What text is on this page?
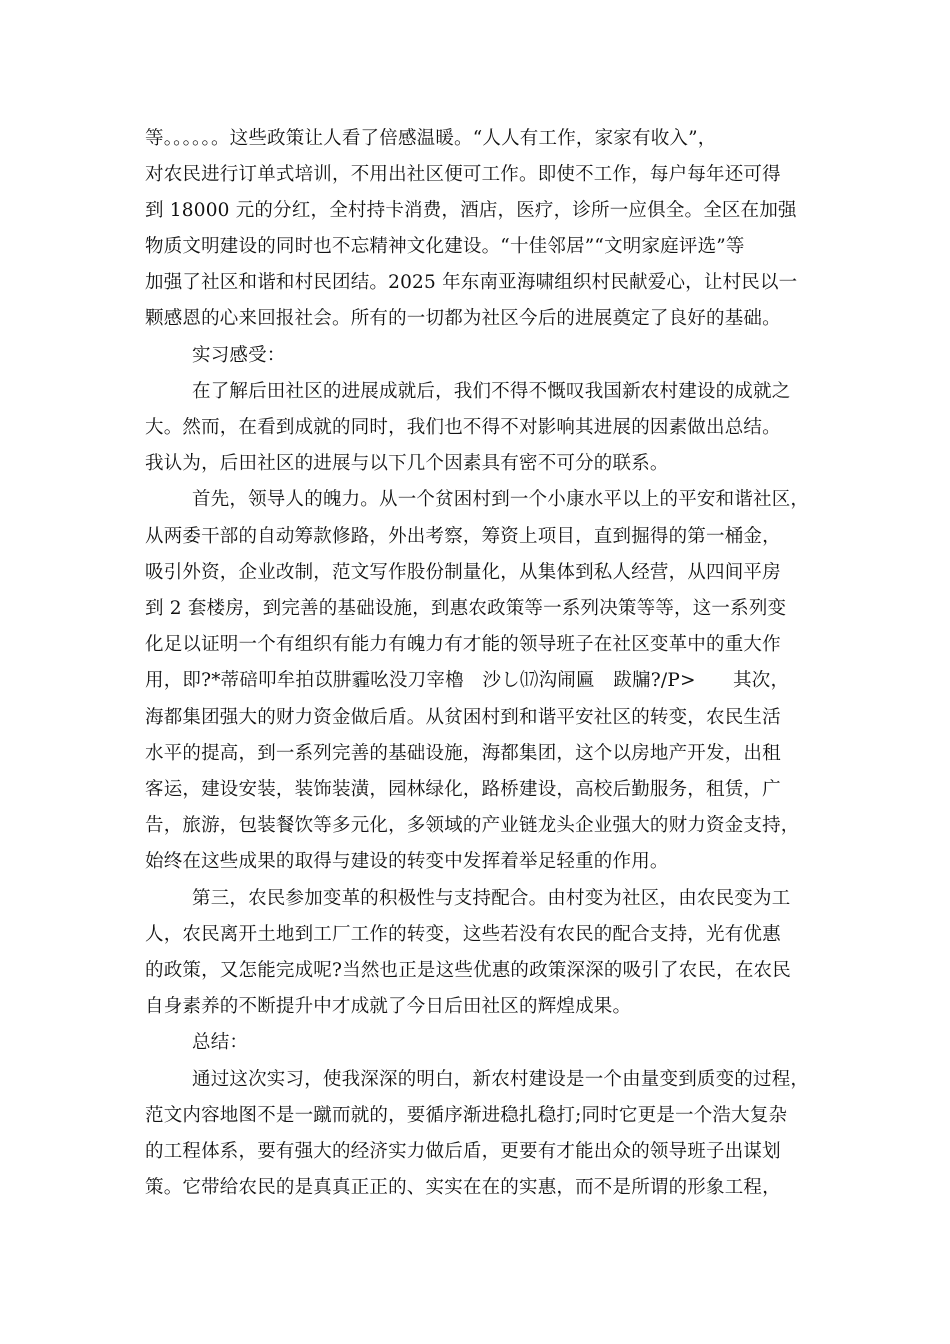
等。。。。。。这些政策让人看了倍感温暖。“人人有工作，家家有收入”，
对农民进行订单式培训，不用出社区便可工作。即使不工作，每户每年还可得
到 18000 元的分红，全村持卡消费，酒店，医疗，诊所一应俱全。全区在加强
物质文明建设的同时也不忘精神文化建设。“十佳邻居”“文明家庭评选”等
加强了社区和谐和村民团结。2025 年东南亚海啸组织村民献爱心，让村民以一
颗感恩的心来回报社会。所有的一切都为社区今后的进展奠定了良好的基础。
实习感受：
在了解后田社区的进展成就后，我们不得不慨叹我国新农村建设的成就之
大。然而，在看到成就的同时，我们也不得不对影响其进展的因素做出总结。
我认为，后田社区的进展与以下几个因素具有密不可分的联系。
首先，领导人的魄力。从一个贫困村到一个小康水平以上的平安和谐社区，
从两委干部的自动筹款修路，外出考察，筹资上项目，直到掘得的第一桶金，
吸引外资，企业改制，范文写作股份制量化，从集体到私人经营，从四间平房
到 2 套楼房，到完善的基础设施，到惠农政策等一系列决策等等，这一系列变
化足以证明一个有组织有能力有魄力有才能的领导班子在社区变革中的重大作
用，即?*蒂碚叩牟拍苡肼霾吆没刀宰櫓　沙し⒄沟闹匾　跋牖?/P>　　其次，
海都集团强大的财力资金做后盾。从贫困村到和谐平安社区的转变，农民生活
水平的提高，到一系列完善的基础设施，海都集团，这个以房地产开发，出租
客运，建设安装，装饰装潢，园林绿化，路桥建设，高校后勤服务，租赁，广
告，旅游，包装餐饮等多元化，多领域的产业链龙头企业强大的财力资金支持，
始终在这些成果的取得与建设的转变中发挥着举足轻重的作用。
第三，农民参加变革的积极性与支持配合。由村变为社区，由农民变为工
人，农民离开土地到工厂工作的转变，这些若没有农民的配合支持，光有优惠
的政策，又怎能完成呢?当然也正是这些优惠的政策深深的吸引了农民，在农民
自身素养的不断提升中才成就了今日后田社区的辉煌成果。
总结：
通过这次实习，使我深深的明白，新农村建设是一个由量变到质变的过程，
范文内容地图不是一蹴而就的，要循序渐进稳扎稳打;同时它更是一个浩大复杂
的工程体系，要有强大的经济实力做后盾，更要有才能出众的领导班子出谋划
策。它带给农民的是真真正正的、实实在在的实惠，而不是所谓的形象工程，
